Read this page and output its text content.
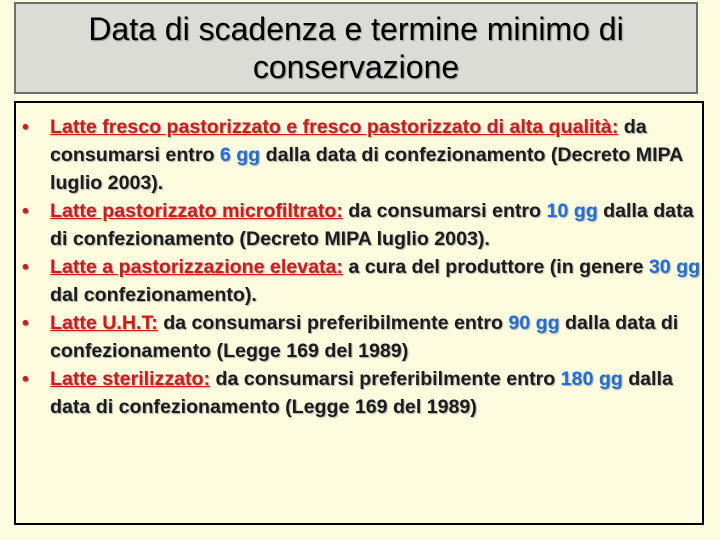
Data di scadenza e termine minimo di conservazione
• Latte fresco pastorizzato e fresco pastorizzato di alta qualità: da consumarsi entro 6 gg dalla data di confezionamento (Decreto MIPA luglio 2003).
• Latte pastorizzato microfiltrato: da consumarsi entro 10 gg dalla data di confezionamento (Decreto MIPA luglio 2003).
• Latte a pastorizzazione elevata: a cura del produttore (in genere 30 gg dal confezionamento).
• Latte U.H.T: da consumarsi preferibilmente entro 90 gg dalla data di confezionamento (Legge 169 del 1989)
• Latte sterilizzato: da consumarsi preferibilmente entro 180 gg dalla data di confezionamento (Legge 169 del 1989)
